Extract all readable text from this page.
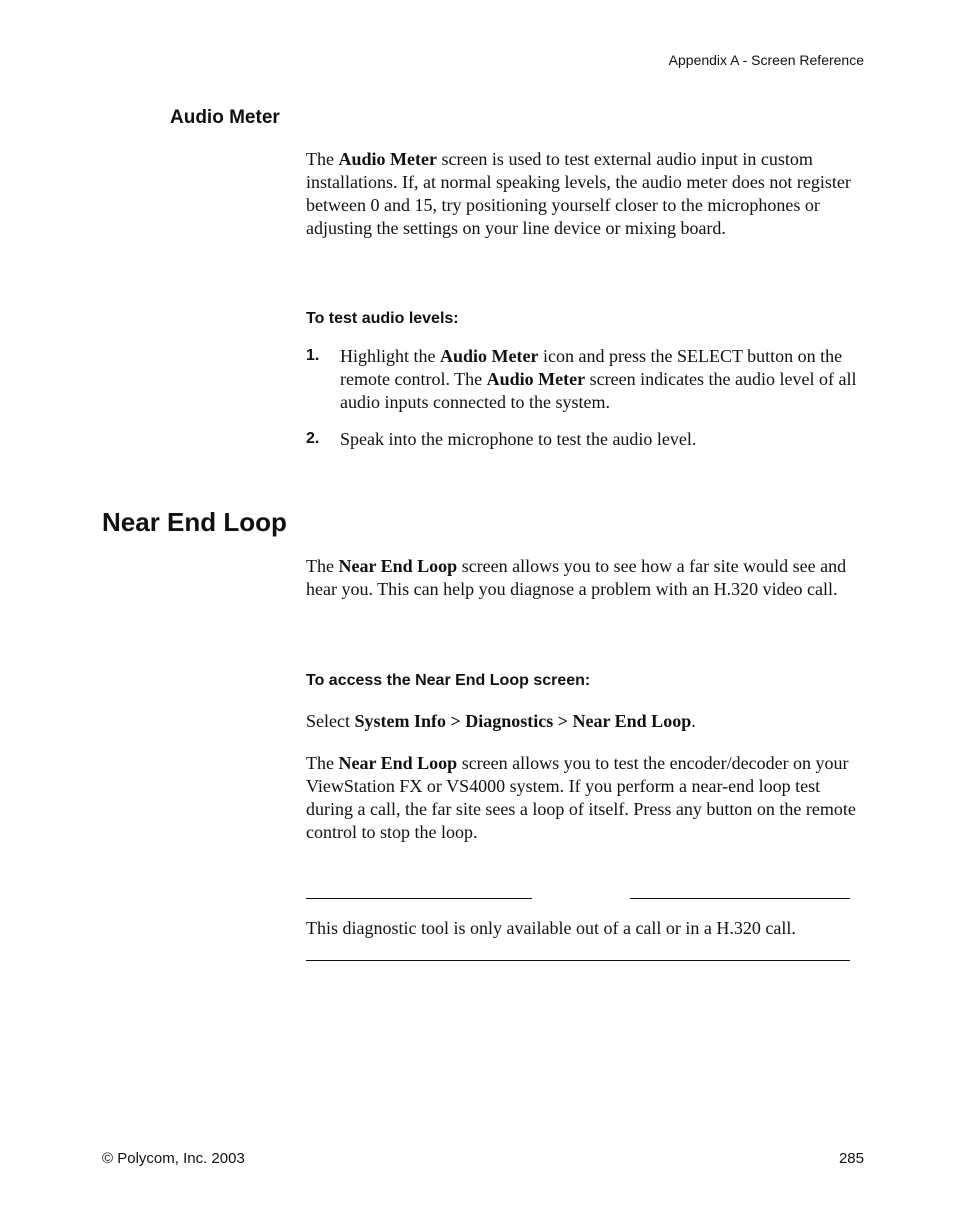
Appendix A - Screen Reference
Audio Meter
The Audio Meter screen is used to test external audio input in custom installations. If, at normal speaking levels, the audio meter does not register between 0 and 15, try positioning yourself closer to the microphones or adjusting the settings on your line device or mixing board.
To test audio levels:
1. Highlight the Audio Meter icon and press the SELECT button on the remote control. The Audio Meter screen indicates the audio level of all audio inputs connected to the system.
2. Speak into the microphone to test the audio level.
Near End Loop
The Near End Loop screen allows you to see how a far site would see and hear you. This can help you diagnose a problem with an H.320 video call.
To access the Near End Loop screen:
Select System Info > Diagnostics > Near End Loop.
The Near End Loop screen allows you to test the encoder/decoder on your ViewStation FX or VS4000 system. If you perform a near-end loop test during a call, the far site sees a loop of itself. Press any button on the remote control to stop the loop.
This diagnostic tool is only available out of a call or in a H.320 call.
© Polycom, Inc. 2003	285
